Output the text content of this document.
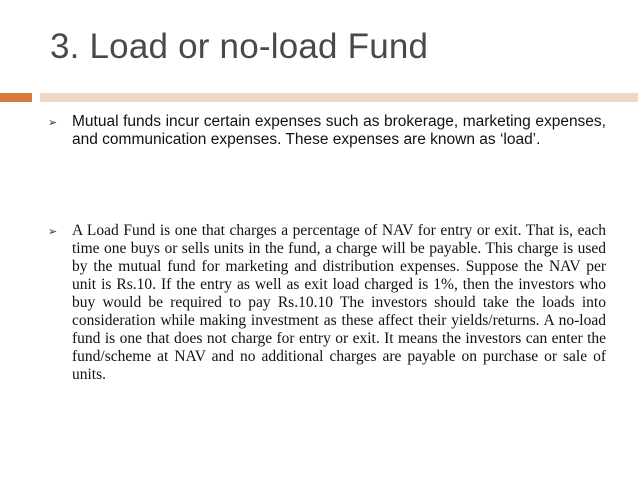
3. Load or no-load Fund
➢ Mutual funds incur certain expenses such as brokerage, marketing expenses, and communication expenses. These expenses are known as ‘load’.

➢ A Load Fund is one that charges a percentage of NAV for entry or exit. That is, each time one buys or sells units in the fund, a charge will be payable. This charge is used by the mutual fund for marketing and distribution expenses. Suppose the NAV per unit is Rs.10. If the entry as well as exit load charged is 1%, then the investors who buy would be required to pay Rs.10.10 The investors should take the loads into consideration while making investment as these affect their yields/returns. A no-load fund is one that does not charge for entry or exit. It means the investors can enter the fund/scheme at NAV and no additional charges are payable on purchase or sale of units.
